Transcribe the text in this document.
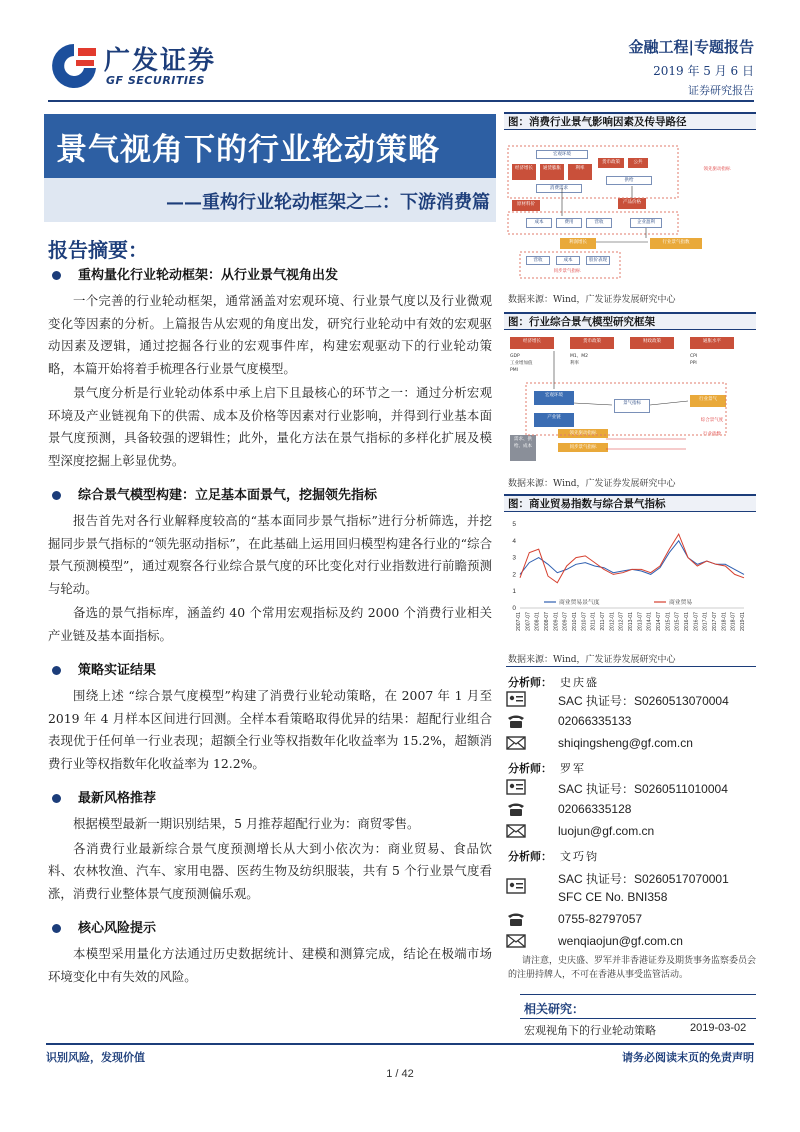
广发证券
GF SECURITIES
金融工程|专题报告
2019 年 5 月 6 日
证券研究报告
景气视角下的行业轮动策略
——重构行业轮动框架之二：下游消费篇
报告摘要：
重构量化行业轮动框架：从行业景气视角出发

一个完善的行业轮动框架，通常涵盖对宏观环境、行业景气度以及行业微观变化等因素的分析。上篇报告从宏观的角度出发，研究行业轮动中有效的宏观驱动因素及逻辑，通过挖掘各行业的宏观事件库，构建宏观驱动下的行业轮动策略，本篇开始将着手梳理各行业景气度模型。

景气度分析是行业轮动体系中承上启下且最核心的环节之一：通过分析宏观环境及产业链视角下的供需、成本及价格等因素对行业影响，并得到行业基本面景气度预测，具备较强的逻辑性；此外，量化方法在景气指标的多样化扩展及模型深度挖掘上彰显优势。

综合景气模型构建：立足基本面景气，挖掘领先指标

报告首先对各行业解释度较高的“基本面同步景气指标”进行分析筛选，并挖掘同步景气指标的“领先驱动指标”，在此基础上运用回归模型构建各行业的“综合景气预测模型”，通过观察各行业综合景气度的环比变化对行业指数进行前瞻预测与轮动。

备选的景气指标库，涵盖约 40 个常用宏观指标及约 2000 个消费行业相关产业链及基本面指标。

策略实证结果

围绕上述 “综合景气度模型”构建了消费行业轮动策略，在 2007 年 1 月至 2019 年 4 月样本区间进行回测。全样本看策略取得优异的结果：超配行业组合表现优于任何单一行业表现；超额全行业等权指数年化收益率为 15.2%，超额消费行业等权指数年化收益率为 12.2%。

最新风格推荐

根据模型最新一期识别结果，5 月推荐超配行业为：商贸零售。

各消费行业最新综合景气度预测增长从大到小依次为：商业贸易、食品饮料、农林牧渔、汽车、家用电器、医药生物及纺织服装，共有 5 个行业景气度看涨，消费行业整体景气度预测偏乐观。

核心风险提示

本模型采用量化方法通过历史数据统计、建模和测算完成，结论在极端市场环境变化中有失效的风险。

图：消费行业景气影响因素及传导路径
宏观环境
经济增长	通货膨胀	利率
货币政策	公共
消费需求
供给
原材料价	产品价格
成本	费用	营收	企业盈利
利润增长	行业景气指数
营收	成本	股价表现
同步景气指标
领先驱动指标
数据来源：Wind，广发证券发展研究中心
图：行业综合景气模型研究框架
经济增长	货币政策	财政政策	通胀水平
GDP
工业增加值
PMI
M1、M2
利率
CPI
PPI
宏观环境
产业链
景气指标
行业景气
需求、供给、成本
领先驱动指标
同步景气指标
综合景气度
行业指数
数据来源：Wind，广发证券发展研究中心
图：商业贸易指数与综合景气指标
0
1
2
3
4
5
2007-01 2007-07 2008-01 2008-07 2009-01 2009-07 2010-01 2010-07 2011-01 2011-07 2012-01 2012-07 2013-01 2013-07 2014-01 2014-07 2015-01 2015-07 2016-01 2016-07 2017-01 2017-07 2018-01 2018-07 2019-01
商业贸易景气度	商业贸易
数据来源：Wind，广发证券发展研究中心
分析师： 史庆盛
SAC 执证号：S0260513070004
02066335133
shiqingsheng@gf.com.cn
分析师： 罗军
SAC 执证号：S0260511010004
02066335128
luojun@gf.com.cn
分析师： 文巧钧
SAC 执证号：S0260517070001
SFC CE No. BNI358
0755-82797057
wenqiaojun@gf.com.cn
请注意，史庆盛、罗军并非香港证券及期货事务监察委员会的注册持牌人，不可在香港从事受监管活动。
相关研究：
宏观视角下的行业轮动策略	2019-03-02
识别风险，发现价值	请务必阅读末页的免责声明
1 / 42
